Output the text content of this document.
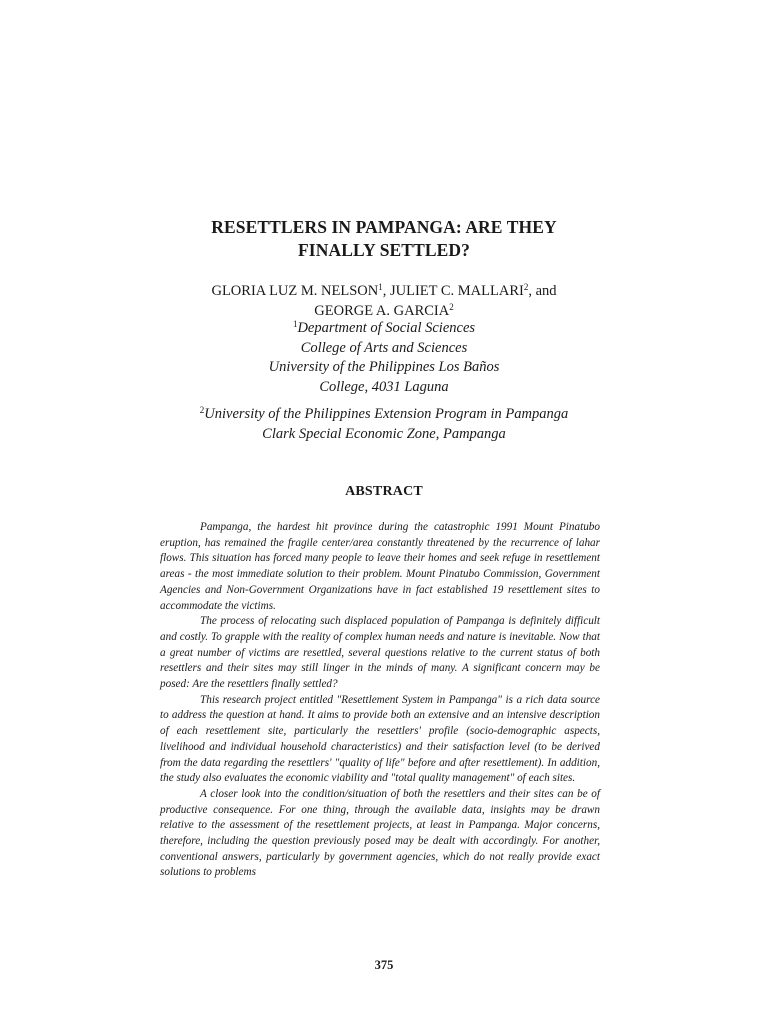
RESETTLERS IN PAMPANGA: ARE THEY
FINALLY SETTLED?
GLORIA LUZ M. NELSON$^1$, JULIET C. MALLARI$^2$, and
GEORGE A. GARCIA$^2$
$^1$Department of Social Sciences
College of Arts and Sciences
University of the Philippines Los Baños
College, 4031 Laguna
$^2$University of the Philippines Extension Program in Pampanga
Clark Special Economic Zone, Pampanga
ABSTRACT

Pampanga, the hardest hit province during the catastrophic 1991 Mount Pinatubo eruption, has remained the fragile center/area constantly threatened by the recurrence of lahar flows. This situation has forced many people to leave their homes and seek refuge in resettlement areas - the most immediate solution to their problem. Mount Pinatubo Commission, Government Agencies and Non-Government Organizations have in fact established 19 resettlement sites to accommodate the victims.

The process of relocating such displaced population of Pampanga is definitely difficult and costly. To grapple with the reality of complex human needs and nature is inevitable. Now that a great number of victims are resettled, several questions relative to the current status of both resettlers and their sites may still linger in the minds of many. A significant concern may be posed: Are the resettlers finally settled?

This research project entitled "Resettlement System in Pampanga" is a rich data source to address the question at hand. It aims to provide both an extensive and an intensive description of each resettlement site, particularly the resettlers' profile (socio-demographic aspects, livelihood and individual household characteristics) and their satisfaction level (to be derived from the data regarding the resettlers' "quality of life" before and after resettlement). In addition, the study also evaluates the economic viability and "total quality management" of each sites.

A closer look into the condition/situation of both the resettlers and their sites can be of productive consequence. For one thing, through the available data, insights may be drawn relative to the assessment of the resettlement projects, at least in Pampanga. Major concerns, therefore, including the question previously posed may be dealt with accordingly. For another, conventional answers, particularly by government agencies, which do not really provide exact solutions to problems

375
